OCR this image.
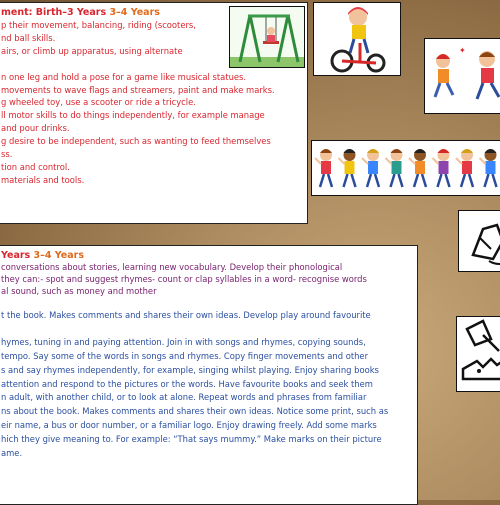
ment: Birth–3 Years 3–4 Years
p their movement, balancing, riding (scooters,
nd ball skills.
airs, or climb up apparatus, using alternate
n one leg and hold a pose for a game like musical statues.
movements to wave flags and streamers, paint and make marks.
g wheeled toy, use a scooter or ride a tricycle.
ll motor skills to do things independently, for example manage
and pour drinks.
g desire to be independent, such as wanting to feed themselves
ss.
tion and control.
materials and tools.
✦
Years 3–4 Years
conversations about stories, learning new vocabulary. Develop their phonological
they can:- spot and suggest rhymes- count or clap syllables in a word- recognise words
al sound, such as money and mother
t the book. Makes comments and shares their own ideas. Develop play around favourite
hymes, tuning in and paying attention. Join in with songs and rhymes, copying sounds,
tempo. Say some of the words in songs and rhymes. Copy finger movements and other
s and say rhymes independently, for example, singing whilst playing. Enjoy sharing books
attention and respond to the pictures or the words. Have favourite books and seek them
n adult, with another child, or to look at alone. Repeat words and phrases from familiar
ns about the book. Makes comments and shares their own ideas. Notice some print, such as
eir name, a bus or door number, or a familiar logo. Enjoy drawing freely. Add some marks
hich they give meaning to. For example: “That says mummy.” Make marks on their picture
ame.
